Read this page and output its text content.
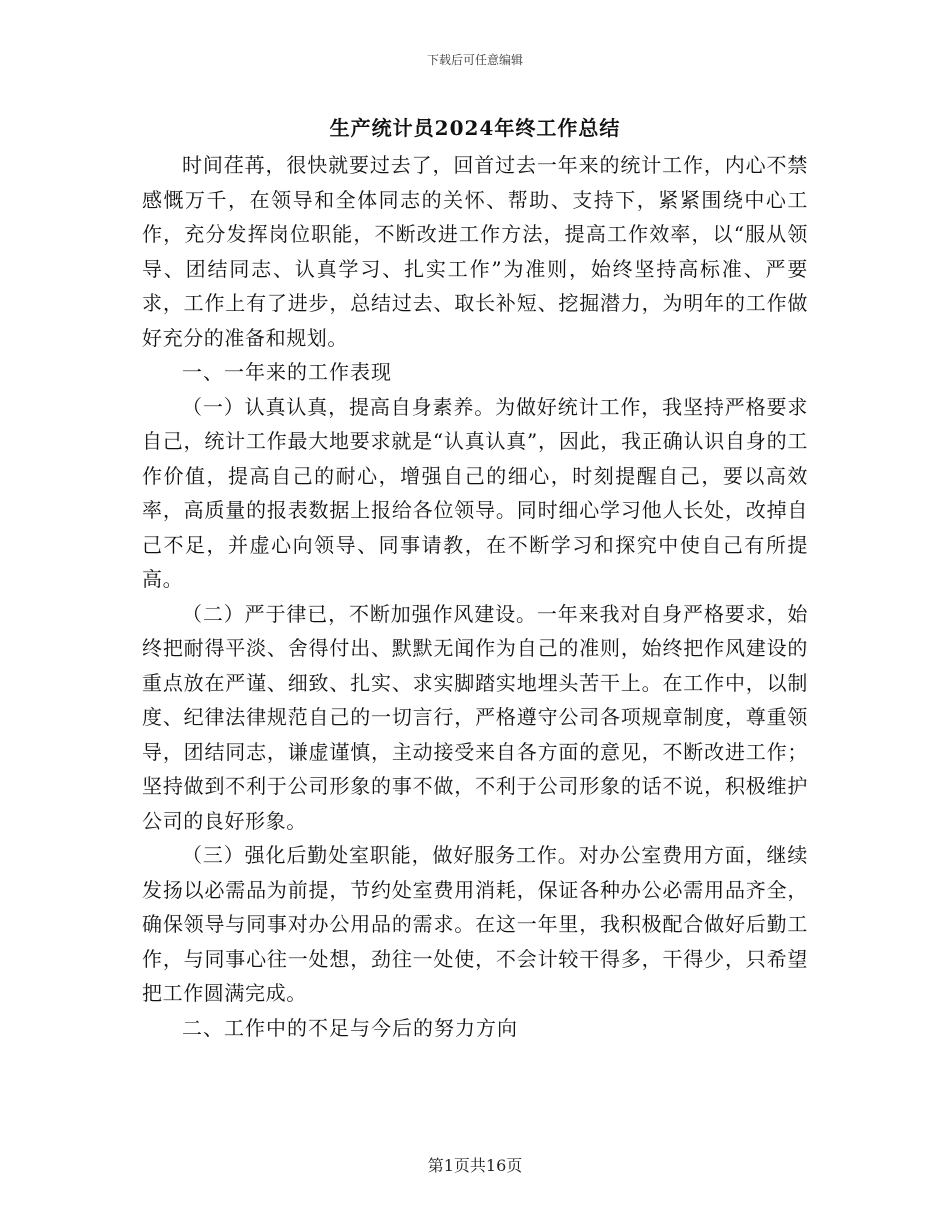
下载后可任意编辑
生产统计员2024年终工作总结

时间荏苒，很快就要过去了，回首过去一年来的统计工作，内心不禁感慨万千，在领导和全体同志的关怀、帮助、支持下，紧紧围绕中心工作，充分发挥岗位职能，不断改进工作方法，提高工作效率，以“服从领导、团结同志、认真学习、扎实工作”为准则，始终坚持高标准、严要求，工作上有了进步，总结过去、取长补短、挖掘潜力，为明年的工作做好充分的准备和规划。

一、一年来的工作表现

（一）认真认真，提高自身素养。为做好统计工作，我坚持严格要求自己，统计工作最大地要求就是“认真认真”，因此，我正确认识自身的工作价值，提高自己的耐心，增强自己的细心，时刻提醒自己，要以高效率，高质量的报表数据上报给各位领导。同时细心学习他人长处，改掉自己不足，并虚心向领导、同事请教，在不断学习和探究中使自己有所提高。

（二）严于律已，不断加强作风建设。一年来我对自身严格要求，始终把耐得平淡、舍得付出、默默无闻作为自己的准则，始终把作风建设的重点放在严谨、细致、扎实、求实脚踏实地埋头苦干上。在工作中，以制度、纪律法律规范自己的一切言行，严格遵守公司各项规章制度，尊重领导，团结同志，谦虚谨慎，主动接受来自各方面的意见，不断改进工作；坚持做到不利于公司形象的事不做，不利于公司形象的话不说，积极维护公司的良好形象。

（三）强化后勤处室职能，做好服务工作。对办公室费用方面，继续发扬以必需品为前提，节约处室费用消耗，保证各种办公必需用品齐全，确保领导与同事对办公用品的需求。在这一年里，我积极配合做好后勤工作，与同事心往一处想，劲往一处使，不会计较干得多，干得少，只希望把工作圆满完成。

二、工作中的不足与今后的努力方向

第1页共16页
